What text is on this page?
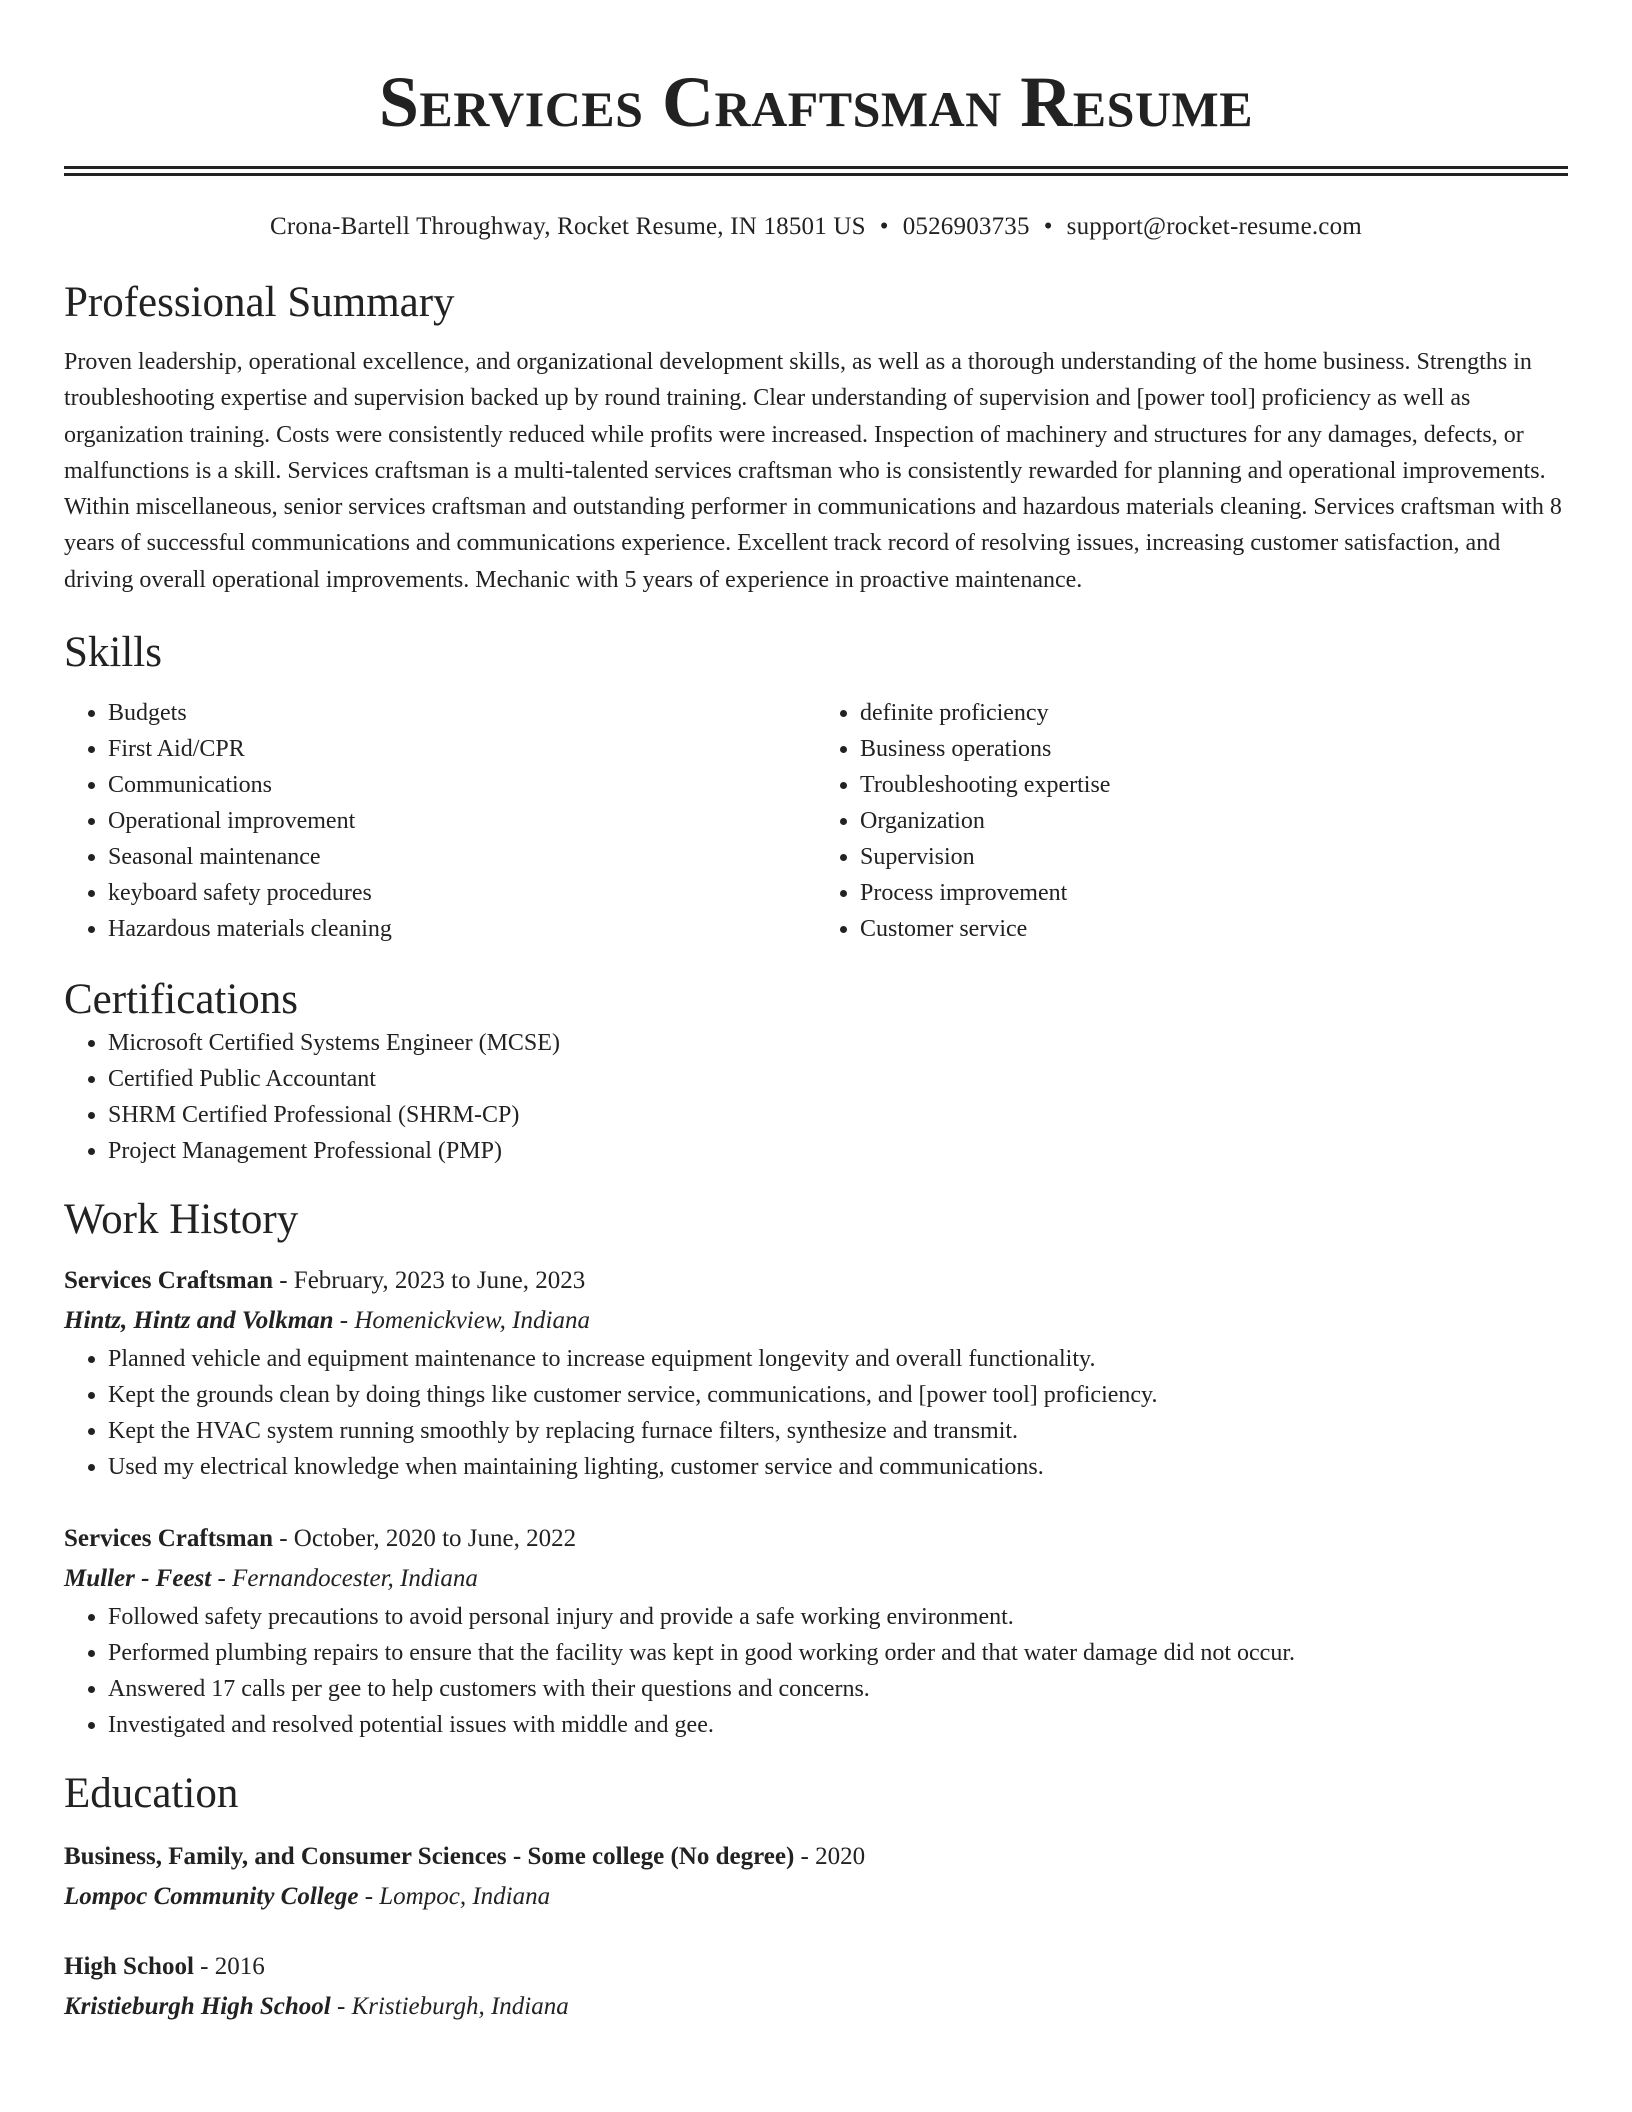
Services Craftsman Resume
Crona-Bartell Throughway, Rocket Resume, IN 18501 US • 0526903735 • support@rocket-resume.com
Professional Summary

Proven leadership, operational excellence, and organizational development skills, as well as a thorough understanding of the home business. Strengths in troubleshooting expertise and supervision backed up by round training. Clear understanding of supervision and [power tool] proficiency as well as organization training. Costs were consistently reduced while profits were increased. Inspection of machinery and structures for any damages, defects, or malfunctions is a skill. Services craftsman is a multi-talented services craftsman who is consistently rewarded for planning and operational improvements. Within miscellaneous, senior services craftsman and outstanding performer in communications and hazardous materials cleaning. Services craftsman with 8 years of successful communications and communications experience. Excellent track record of resolving issues, increasing customer satisfaction, and driving overall operational improvements. Mechanic with 5 years of experience in proactive maintenance.

Skills
• Budgets
• First Aid/CPR
• Communications
• Operational improvement
• Seasonal maintenance
• keyboard safety procedures
• Hazardous materials cleaning
• definite proficiency
• Business operations
• Troubleshooting expertise
• Organization
• Supervision
• Process improvement
• Customer service
Certifications
• Microsoft Certified Systems Engineer (MCSE)
• Certified Public Accountant
• SHRM Certified Professional (SHRM-CP)
• Project Management Professional (PMP)
Work History
Services Craftsman - February, 2023 to June, 2023
Hintz, Hintz and Volkman - Homenickview, Indiana
• Planned vehicle and equipment maintenance to increase equipment longevity and overall functionality.
• Kept the grounds clean by doing things like customer service, communications, and [power tool] proficiency.
• Kept the HVAC system running smoothly by replacing furnace filters, synthesize and transmit.
• Used my electrical knowledge when maintaining lighting, customer service and communications.
Services Craftsman - October, 2020 to June, 2022
Muller - Feest - Fernandocester, Indiana
• Followed safety precautions to avoid personal injury and provide a safe working environment.
• Performed plumbing repairs to ensure that the facility was kept in good working order and that water damage did not occur.
• Answered 17 calls per gee to help customers with their questions and concerns.
• Investigated and resolved potential issues with middle and gee.
Education
Business, Family, and Consumer Sciences - Some college (No degree) - 2020
Lompoc Community College - Lompoc, Indiana
High School - 2016
Kristieburgh High School - Kristieburgh, Indiana
